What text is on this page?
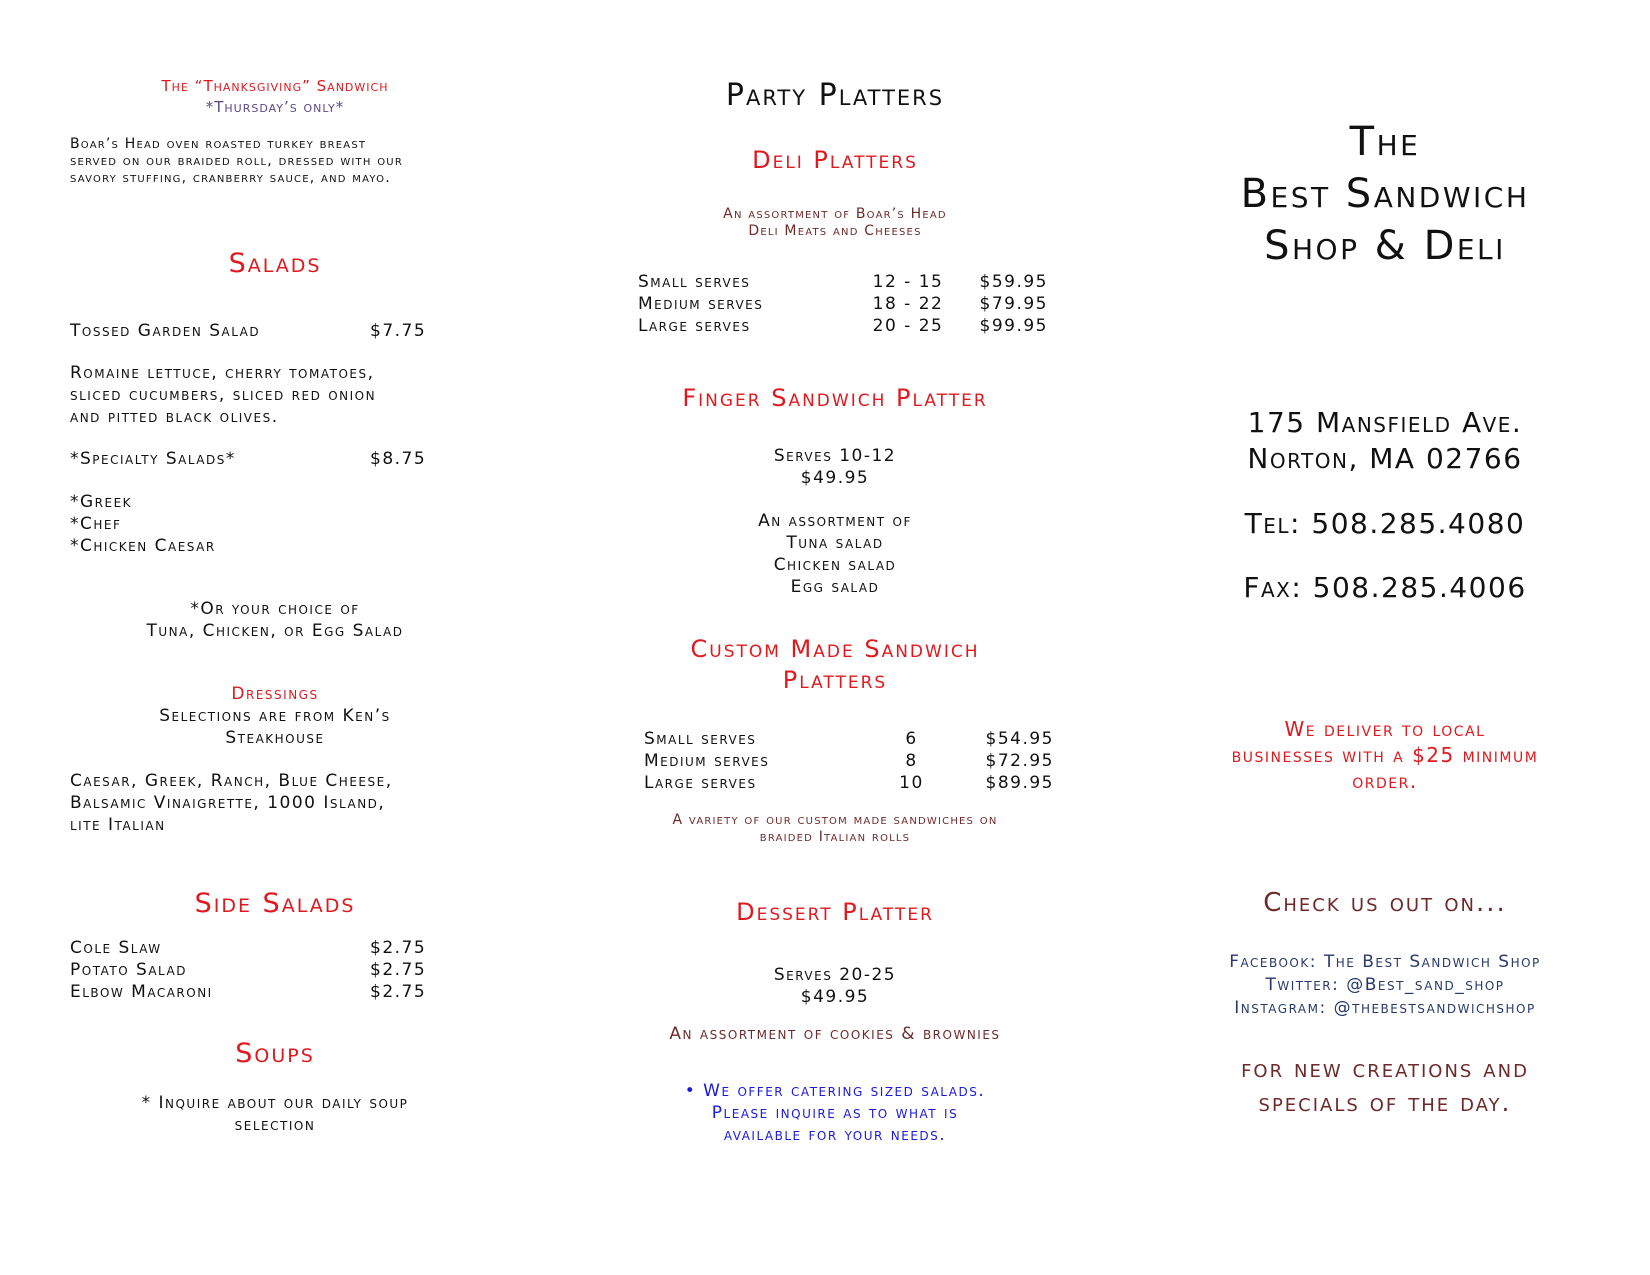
The “Thanksgiving” Sandwich
*Thursday’s only*
Boar’s Head oven roasted turkey breast
served on our braided roll, dressed with our
savory stuffing, cranberry sauce, and mayo.
Salads
Tossed Garden Salad	$7.75
Romaine lettuce, cherry tomatoes,
sliced cucumbers, sliced red onion
and pitted black olives.
*Specialty Salads*	$8.75
*Greek
*Chef
*Chicken Caesar
*Or your choice of
Tuna, Chicken, or Egg Salad
Dressings
Selections are from Ken’s
Steakhouse
Caesar, Greek, Ranch, Blue Cheese,
Balsamic Vinaigrette, 1000 Island,
lite Italian
Side Salads
Cole Slaw	$2.75
Potato Salad	$2.75
Elbow Macaroni	$2.75
Soups
* Inquire about our daily soup
selection
Party Platters
Deli Platters
An assortment of Boar’s Head
Deli Meats and Cheeses
Small serves	12 - 15	$59.95
Medium serves	18 - 22	$79.95
Large serves	20 - 25	$99.95
Finger Sandwich Platter
Serves 10-12
$49.95
An assortment of
Tuna salad
Chicken salad
Egg salad
Custom Made Sandwich
Platters
Small serves	6	$54.95
Medium serves	8	$72.95
Large serves	10	$89.95
A variety of our custom made sandwiches on
braided Italian rolls
Dessert Platter
Serves 20-25
$49.95
An assortment of cookies & brownies
• We offer catering sized salads.
Please inquire as to what is
available for your needs.
The
Best Sandwich
Shop & Deli
175 Mansfield Ave.
Norton, MA 02766
Tel: 508.285.4080
Fax: 508.285.4006
We deliver to local
businesses with a $25 minimum
order.
Check us out on...
Facebook: The Best Sandwich Shop
Twitter: @Best_sand_shop
Instagram: @thebestsandwichshop
for new creations and
specials of the day.
